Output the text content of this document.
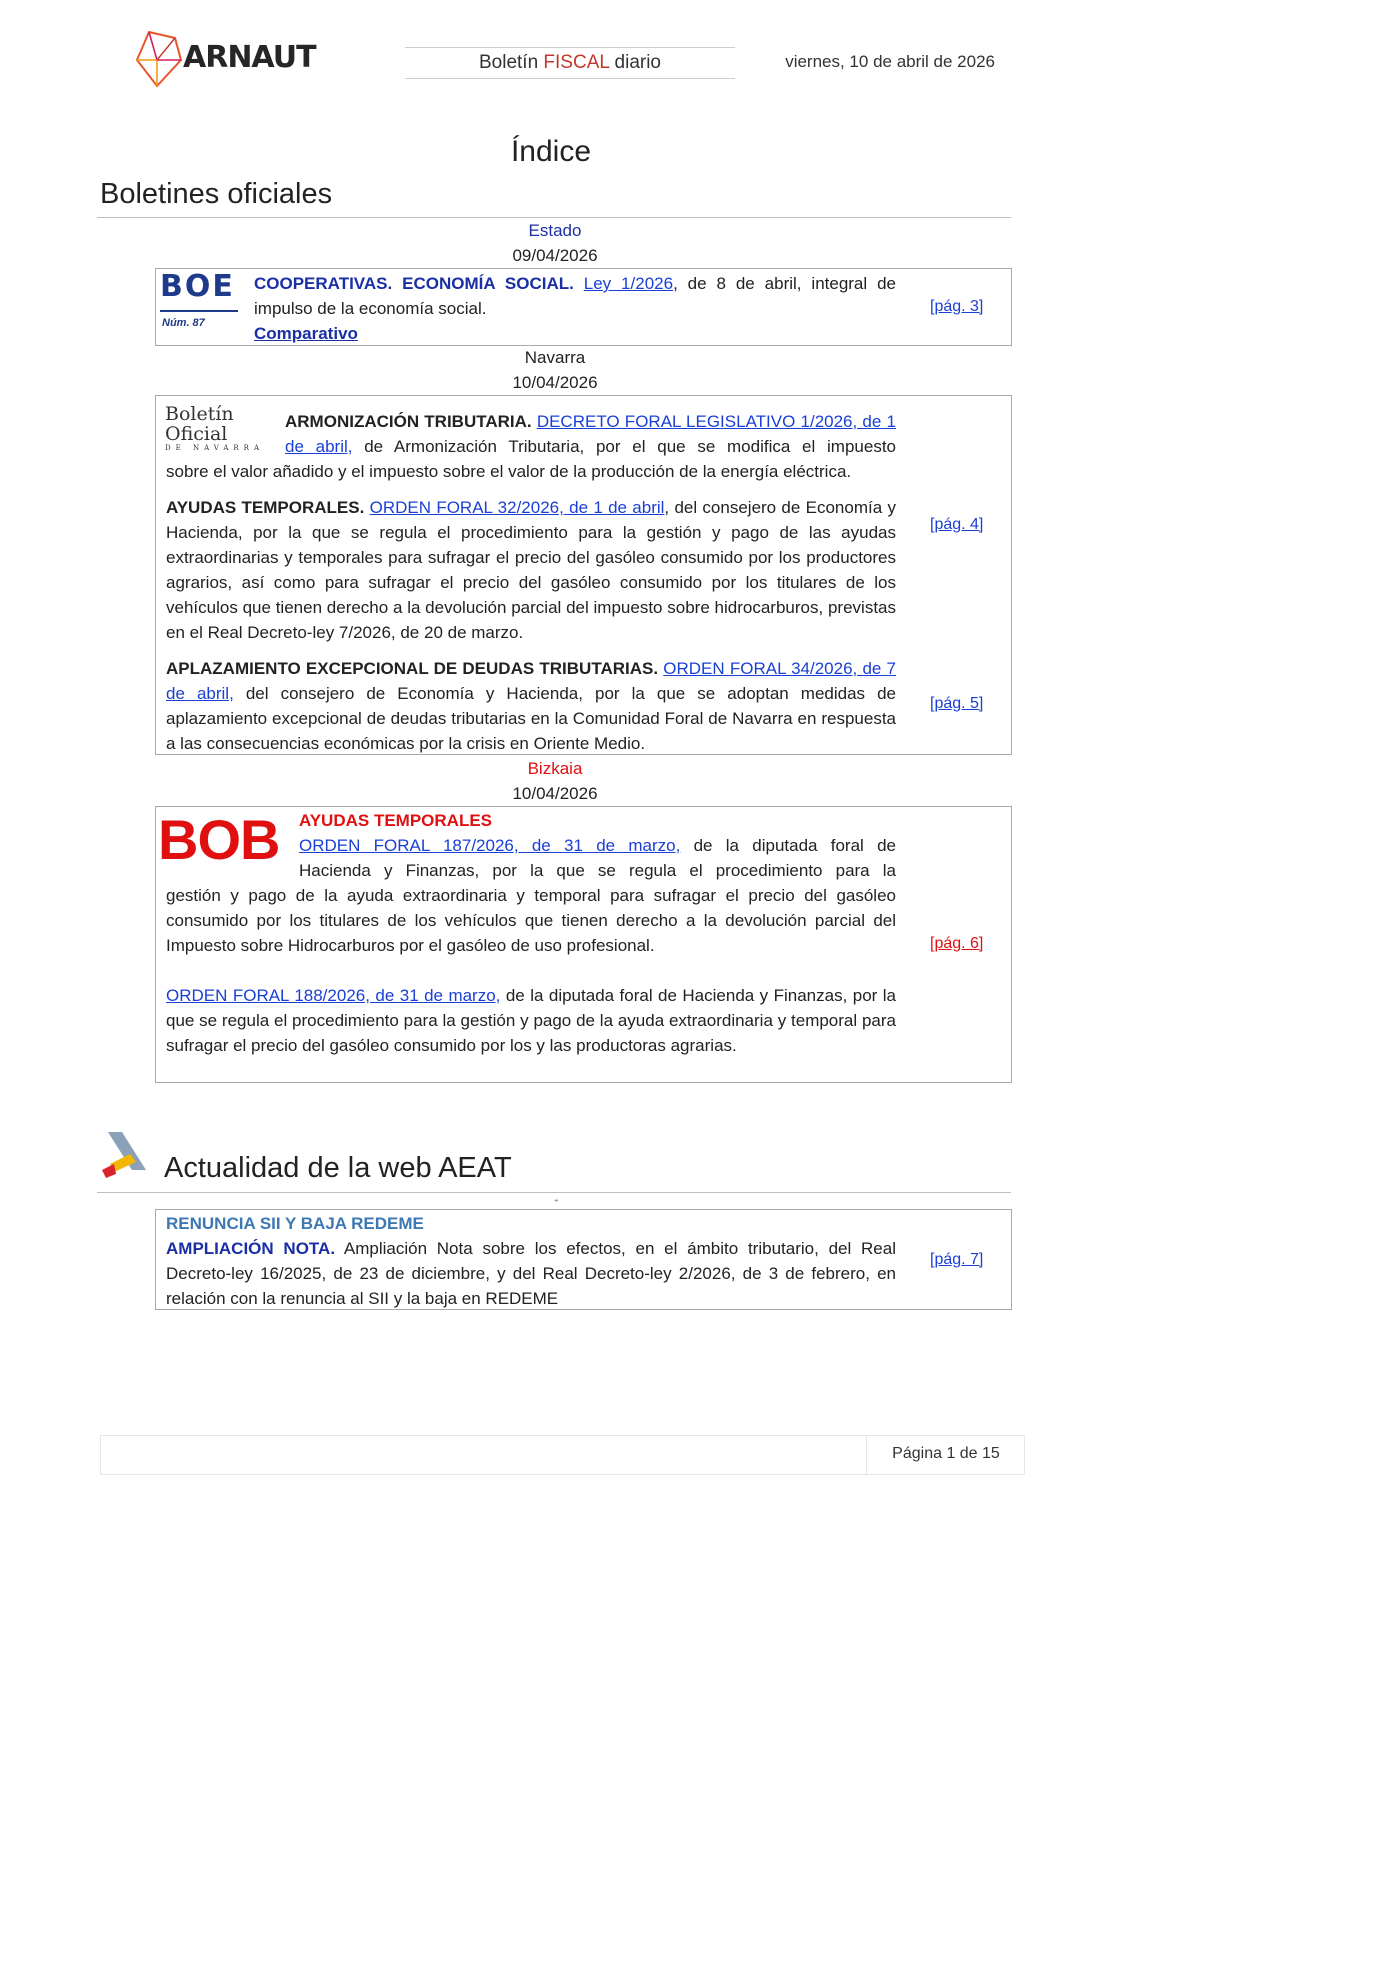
ARNAUT	Boletín FISCAL diario	viernes, 10 de abril de 2026
Índice
Boletines oficiales
Estado
09/04/2026
BOE
Núm. 87
COOPERATIVAS. ECONOMÍA SOCIAL. Ley 1/2026, de 8 de abril, integral de
impulso de la economía social.
Comparativo
[pág. 3]
Navarra
10/04/2026
Boletín Oficial
DE NAVARRA
ARMONIZACIÓN TRIBUTARIA. DECRETO FORAL LEGISLATIVO 1/2026, de 1
de abril, de Armonización Tributaria, por el que se modifica el impuesto
sobre el valor añadido y el impuesto sobre el valor de la producción de la energía eléctrica.
AYUDAS TEMPORALES. ORDEN FORAL 32/2026, de 1 de abril, del consejero de Economía y Hacienda, por la que se regula el procedimiento para la gestión y pago de las ayudas extraordinarias y temporales para sufragar el precio del gasóleo consumido por los productores agrarios, así como para sufragar el precio del gasóleo consumido por los titulares de los vehículos que tienen derecho a la devolución parcial del impuesto sobre hidrocarburos, previstas en el Real Decreto-ley 7/2026, de 20 de marzo.
[pág. 4]
APLAZAMIENTO EXCEPCIONAL DE DEUDAS TRIBUTARIAS. ORDEN FORAL 34/2026, de 7 de abril, del consejero de Economía y Hacienda, por la que se adoptan medidas de aplazamiento excepcional de deudas tributarias en la Comunidad Foral de Navarra en respuesta a las consecuencias económicas por la crisis en Oriente Medio.
[pág. 5]
Bizkaia
10/04/2026
BOB AYUDAS TEMPORALES
ORDEN FORAL 187/2026, de 31 de marzo, de la diputada foral de
Hacienda y Finanzas, por la que se regula el procedimiento para la
gestión y pago de la ayuda extraordinaria y temporal para sufragar el precio del gasóleo consumido por los titulares de los vehículos que tienen derecho a la devolución parcial del Impuesto sobre Hidrocarburos por el gasóleo de uso profesional.	[pág. 6]
ORDEN FORAL 188/2026, de 31 de marzo, de la diputada foral de Hacienda y Finanzas, por la que se regula el procedimiento para la gestión y pago de la ayuda extraordinaria y temporal para sufragar el precio del gasóleo consumido por los y las productoras agrarias.
Actualidad de la web AEAT
⌖
RENUNCIA SII Y BAJA REDEME
AMPLIACIÓN NOTA. Ampliación Nota sobre los efectos, en el ámbito tributario, del Real Decreto-ley 16/2025, de 23 de diciembre, y del Real Decreto-ley 2/2026, de 3 de febrero, en relación con la renuncia al SII y la baja en REDEME
[pág. 7]
Página 1 de 15
